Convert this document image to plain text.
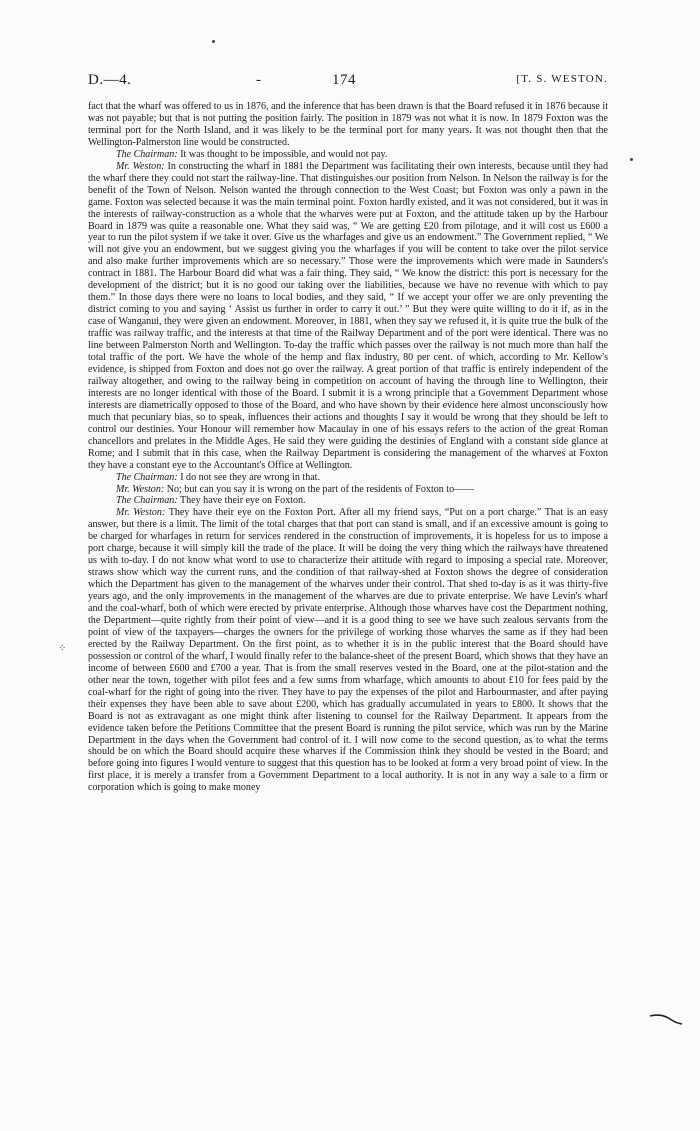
D.—4.	-	174	[T. S. WESTON.

fact that the wharf was offered to us in 1876, and the inference that has been drawn is that the Board refused it in 1876 because it was not payable; but that is not putting the position fairly. The position in 1879 was not what it is now. In 1879 Foxton was the terminal port for the North Island, and it was likely to be the terminal port for many years. It was not thought then that the Wellington-Palmerston line would be constructed.

The Chairman: It was thought to be impossible, and would not pay.

Mr. Weston: In constructing the wharf in 1881 the Department was facilitating their own interests, because until they had the wharf there they could not start the railway-line. That distinguishes our position from Nelson. In Nelson the railway is for the benefit of the Town of Nelson. Nelson wanted the through connection to the West Coast; but Foxton was only a pawn in the game. Foxton was selected because it was the main terminal point. Foxton hardly existed, and it was not considered, but it was in the interests of railway-construction as a whole that the wharves were put at Foxton, and the attitude taken up by the Harbour Board in 1879 was quite a reasonable one. What they said was, “ We are getting £20 from pilotage, and it will cost us £600 a year to run the pilot system if we take it over. Give us the wharfages and give us an endowment.” The Government replied, “ We will not give you an endowment, but we suggest giving you the wharfages if you will be content to take over the pilot service and also make further improvements which are so necessary.” Those were the improvements which were made in Saunders's contract in 1881. The Harbour Board did what was a fair thing. They said, “ We know the district: this port is necessary for the development of the district; but it is no good our taking over the liabilities, because we have no revenue with which to pay them.” In those days there were no loans to local bodies, and they said, “ If we accept your offer we are only preventing the district coming to you and saying ‘ Assist us further in order to carry it out.’ ” But they were quite willing to do it if, as in the case of Wanganui, they were given an endowment. Moreover, in 1881, when they say we refused it, it is quite true the bulk of the traffic was railway traffic, and the interests at that time of the Railway Department and of the port were identical. There was no line between Palmerston North and Wellington. To-day the traffic which passes over the railway is not much more than half the total traffic of the port. We have the whole of the hemp and flax industry, 80 per cent. of which, according to Mr. Kellow's evidence, is shipped from Foxton and does not go over the railway. A great portion of that traffic is entirely independent of the railway altogether, and owing to the railway being in competition on account of having the through line to Wellington, their interests are no longer identical with those of the Board. I submit it is a wrong principle that a Government Department whose interests are diametrically opposed to those of the Board, and who have shown by their evidence here almost unconsciously how much that pecuniary bias, so to speak, influences their actions and thoughts I say it would be wrong that they should be left to control our destinies. Your Honour will remember how Macaulay in one of his essays refers to the action of the great Roman chancellors and prelates in the Middle Ages. He said they were guiding the destinies of England with a constant side glance at Rome; and I submit that in this case, when the Railway Department is considering the management of the wharves at Foxton they have a constant eye to the Accountant's Office at Wellington.

The Chairman: I do not see they are wrong in that.

Mr. Weston: No; but can you say it is wrong on the part of the residents of Foxton to——

The Chairman: They have their eye on Foxton.

Mr. Weston: They have their eye on the Foxton Port. After all my friend says, “Put on a port charge.” That is an easy answer, but there is a limit. The limit of the total charges that that port can stand is small, and if an excessive amount is going to be charged for wharfages in return for services rendered in the construction of improvements, it is hopeless for us to impose a port charge, because it will simply kill the trade of the place. It will be doing the very thing which the railways have threatened us with to-day. I do not know what word to use to characterize their attitude with regard to imposing a special rate. Moreover, straws show which way the current runs, and the condition of that railway-shed at Foxton shows the degree of consideration which the Department has given to the management of the wharves under their control. That shed to-day is as it was thirty-five years ago, and the only improvements in the management of the wharves are due to private enterprise. We have Levin's wharf and the coal-wharf, both of which were erected by private enterprise. Although those wharves have cost the Department nothing, the Department—quite rightly from their point of view—and it is a good thing to see we have such zealous servants from the point of view of the taxpayers—charges the owners for the privilege of working those wharves the same as if they had been erected by the Railway Department. On the first point, as to whether it is in the public interest that the Board should have possession or control of the wharf, I would finally refer to the balance-sheet of the present Board, which shows that they have an income of between £600 and £700 a year. That is from the small reserves vested in the Board, one at the pilot-station and the other near the town, together with pilot fees and a few sums from wharfage, which amounts to about £10 for fees paid by the coal-wharf for the right of going into the river. They have to pay the expenses of the pilot and Harbourmaster, and after paying their expenses they have been able to save about £200, which has gradually accumulated in years to £800. It shows that the Board is not as extravagant as one might think after listening to counsel for the Railway Department. It appears from the evidence taken before the Petitions Committee that the present Board is running the pilot service, which was run by the Marine Department in the days when the Government had control of it. I will now come to the second question, as to what the terms should be on which the Board should acquire these wharves if the Commission think they should be vested in the Board; and before going into figures I would venture to suggest that this question has to be looked at form a very broad point of view. In the first place, it is merely a transfer from a Government Department to a local authority. It is not in any way a sale to a firm or corporation which is going to make money

⁘
